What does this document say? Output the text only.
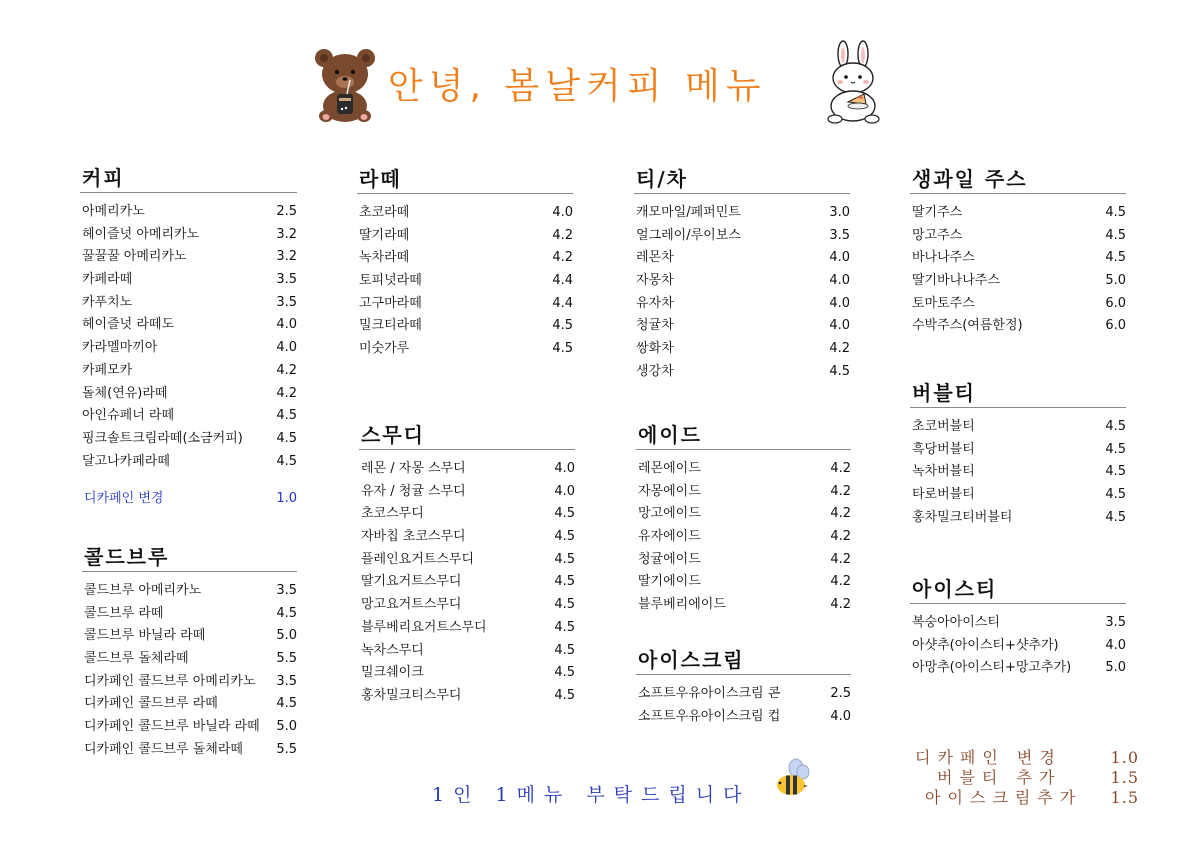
안녕, 봄날커피 메뉴
커피
아메리카노	2.5
헤이즐넛 아메리카노	3.2
꿀꿀꿀 아메리카노	3.2
카페라떼	3.5
카푸치노	3.5
헤이즐넛 라떼도	4.0
카라멜마끼아	4.0
카페모카	4.2
돌체(연유)라떼	4.2
아인슈페너 라떼	4.5
핑크솔트크림라떼(소금커피)	4.5
달고나카페라떼	4.5
디카페인 변경	1.0
콜드브루
콜드브루 아메리카노	3.5
콜드브루 라떼	4.5
콜드브루 바닐라 라떼	5.0
콜드브루 돌체라떼	5.5
디카페인 콜드브루 아메리카노 3.5
디카페인 콜드브루 라떼	4.5
디카페인 콜드브루 바닐라 라떼 5.0
디카페인 콜드브루 돌체라떼	5.5
라떼
초코라떼	4.0
딸기라떼	4.2
녹차라떼	4.2
토피넛라떼	4.4
고구마라떼	4.4
밀크티라떼	4.5
미숫가루	4.5
스무디
레몬 / 자몽 스무디	4.0
유자 / 청귤 스무디	4.0
초코스무디	4.5
자바칩 초코스무디	4.5
플레인요거트스무디	4.5
딸기요거트스무디	4.5
망고요거트스무디	4.5
블루베리요거트스무디	4.5
녹차스무디	4.5
밀크쉐이크	4.5
홍차밀크티스무디	4.5
티/차
캐모마일/페퍼민트	3.0
얼그레이/루이보스	3.5
레몬차	4.0
자몽차	4.0
유자차	4.0
청귤차	4.0
쌍화차	4.2
생강차	4.5
에이드
레몬에이드	4.2
자몽에이드	4.2
망고에이드	4.2
유자에이드	4.2
청귤에이드	4.2
딸기에이드	4.2
블루베리에이드	4.2
아이스크림
소프트우유아이스크림 콘	2.5
소프트우유아이스크림 컵	4.0
생과일 주스
딸기주스	4.5
망고주스	4.5
바나나주스	4.5
딸기바나나주스	5.0
토마토주스	6.0
수박주스(여름한정)	6.0
버블티
초코버블티	4.5
흑당버블티	4.5
녹차버블티	4.5
타로버블티	4.5
홍차밀크티버블티	4.5
아이스티
복숭아아이스티	3.5
아샷추(아이스티+샷추가)	4.0
아망추(아이스티+망고추가)	5.0
1인 1메뉴 부탁드립니다
디카페인 변경	1.0
버블티 추가	1.5
아이스크림추가 1.5
